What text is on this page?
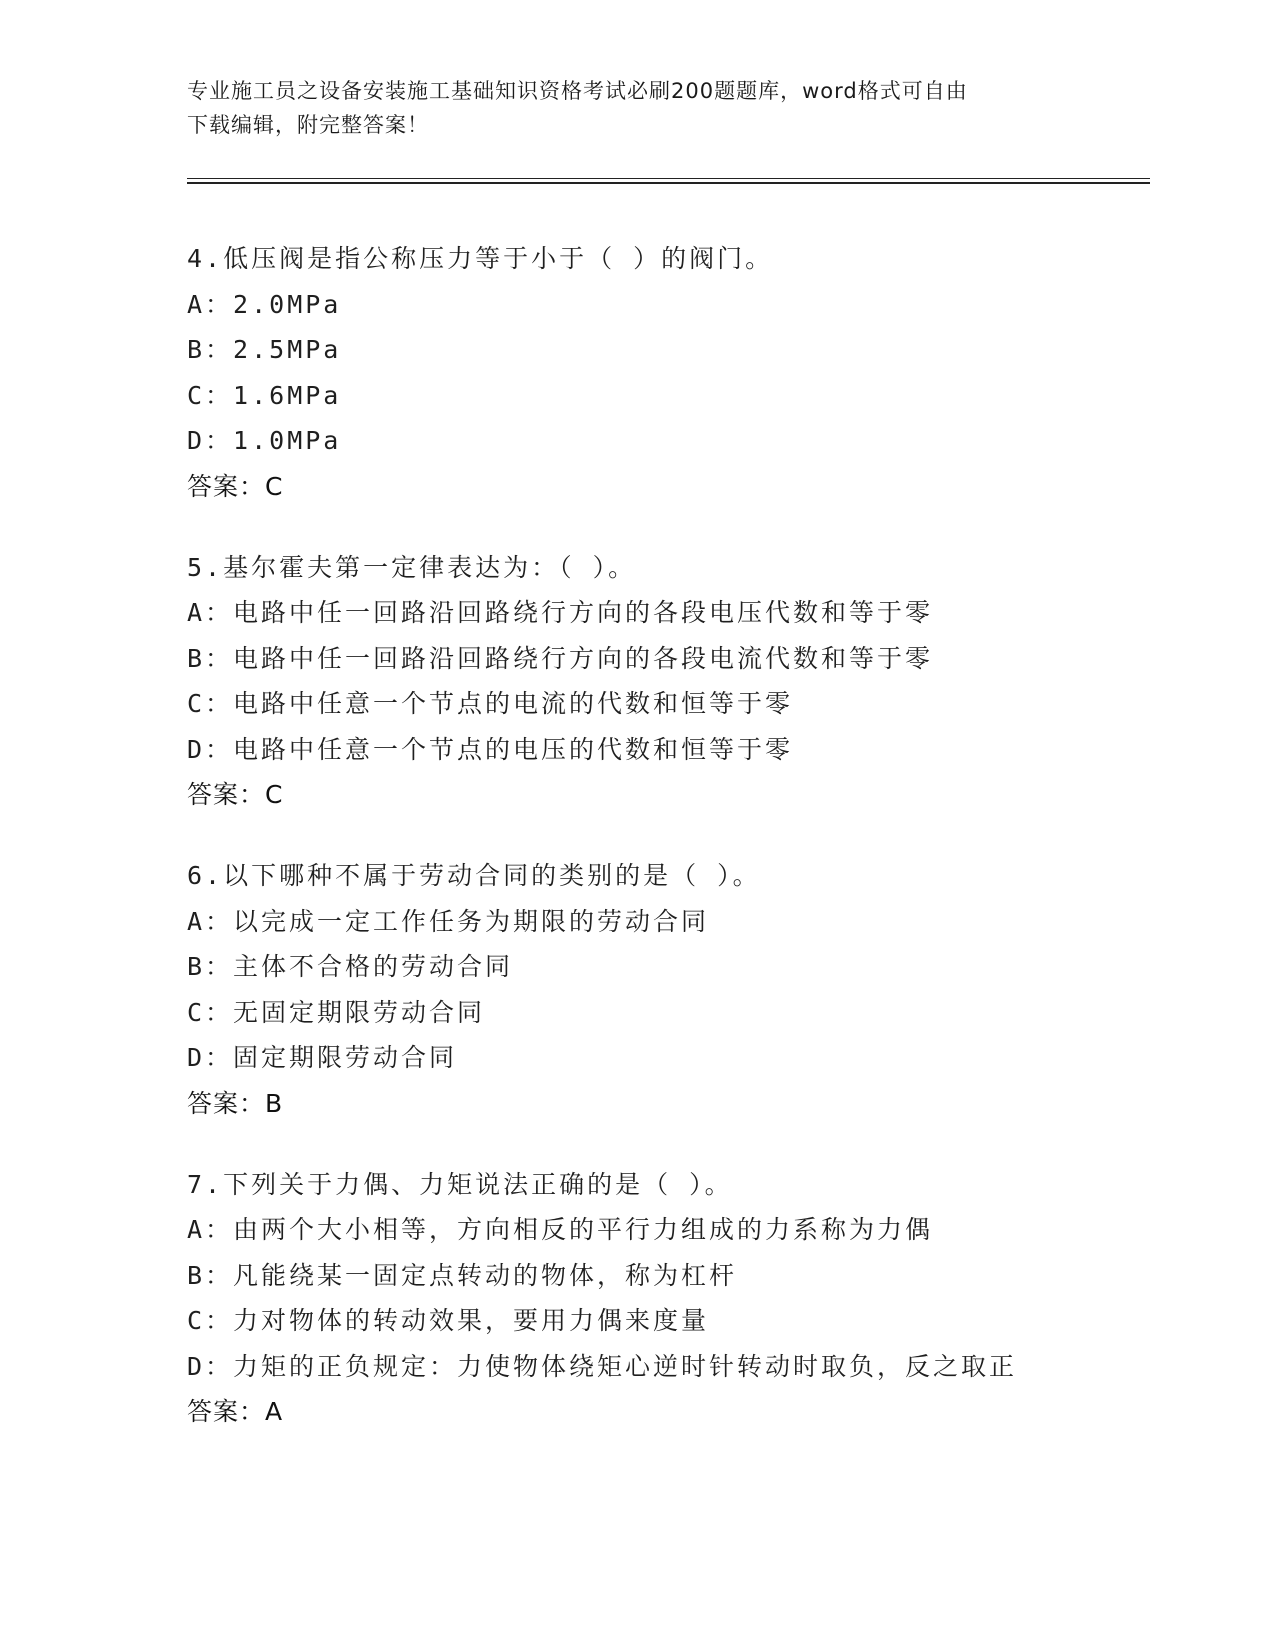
专业施工员之设备安装施工基础知识资格考试必刷200题题库，word格式可自由
下载编辑，附完整答案！
4.低压阀是指公称压力等于小于（ ）的阀门。
A：2.0MPa
B：2.5MPa
C：1.6MPa
D：1.0MPa
答案：C
5.基尔霍夫第一定律表达为：（ ）。
A：电路中任一回路沿回路绕行方向的各段电压代数和等于零
B：电路中任一回路沿回路绕行方向的各段电流代数和等于零
C：电路中任意一个节点的电流的代数和恒等于零
D：电路中任意一个节点的电压的代数和恒等于零
答案：C
6.以下哪种不属于劳动合同的类别的是（ ）。
A：以完成一定工作任务为期限的劳动合同
B：主体不合格的劳动合同
C：无固定期限劳动合同
D：固定期限劳动合同
答案：B
7.下列关于力偶、力矩说法正确的是（ ）。
A：由两个大小相等，方向相反的平行力组成的力系称为力偶
B：凡能绕某一固定点转动的物体，称为杠杆
C：力对物体的转动效果，要用力偶来度量
D：力矩的正负规定：力使物体绕矩心逆时针转动时取负，反之取正
答案：A
